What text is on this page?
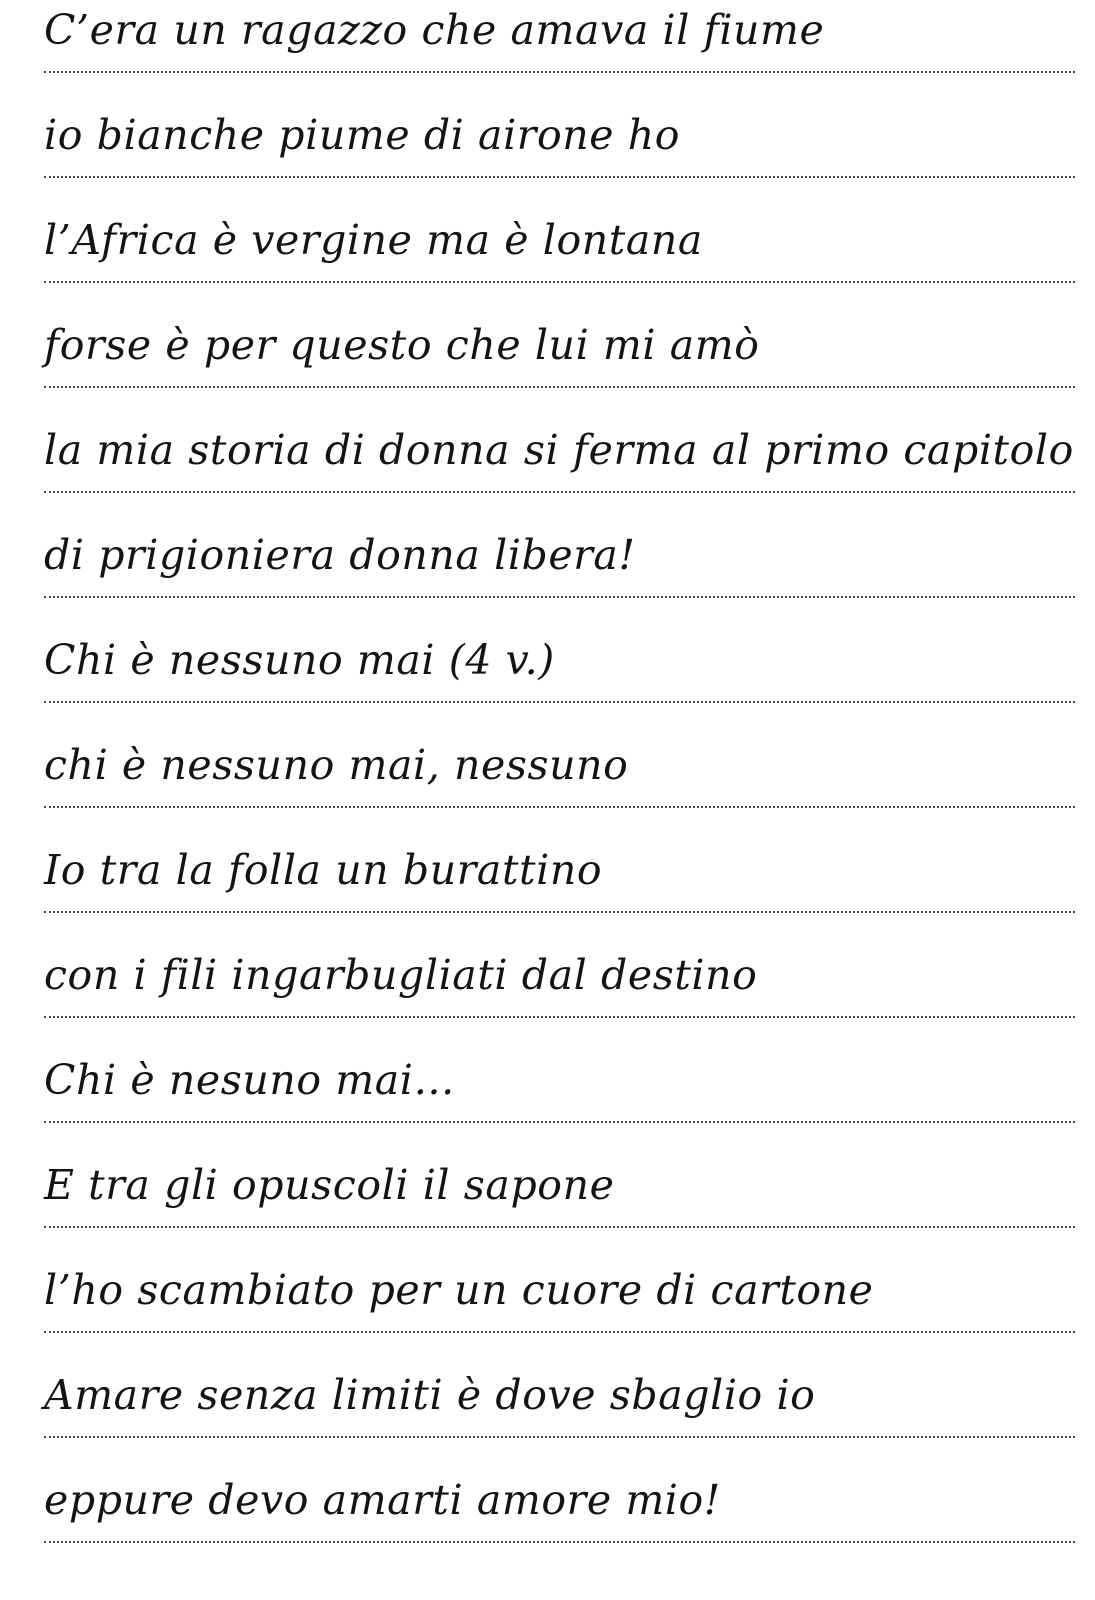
C’era un ragazzo che amava il fiume
io bianche piume di airone ho
l’Africa è vergine ma è lontana
forse è per questo che lui mi amò
la mia storia di donna si ferma al primo capitolo
di prigioniera donna libera!
Chi è nessuno mai (4 v.)
chi è nessuno mai, nessuno
Io tra la folla un burattino
con i fili ingarbugliati dal destino
Chi è nesuno mai…
E tra gli opuscoli il sapone
l’ho scambiato per un cuore di cartone
Amare senza limiti è dove sbaglio io
eppure devo amarti amore mio!
